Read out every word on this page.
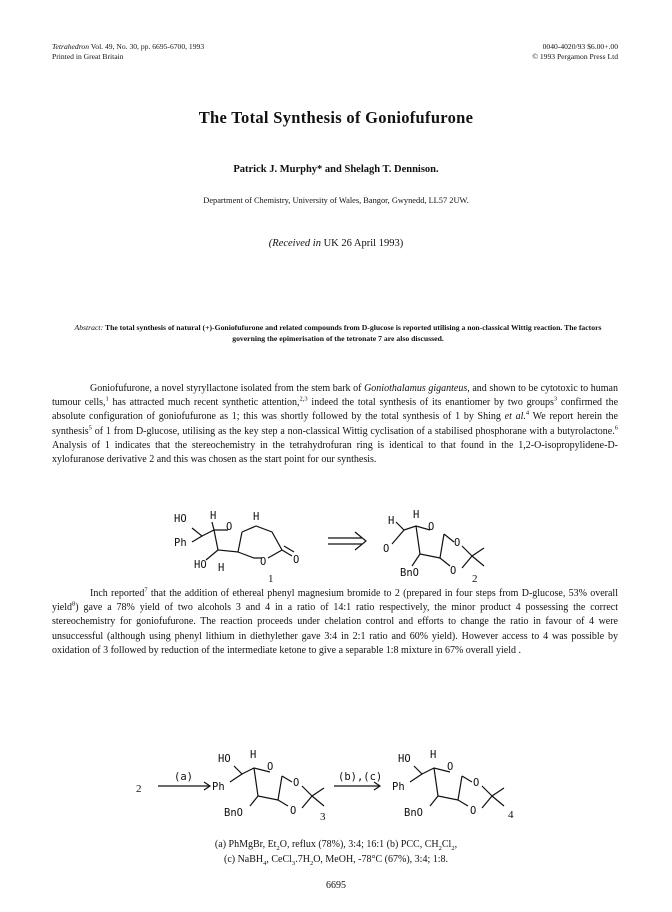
Tetrahedron Vol. 49, No. 30, pp. 6695-6700, 1993
Printed in Great Britain
0040-4020/93 $6.00+.00
© 1993 Pergamon Press Ltd
The Total Synthesis of Goniofufurone
Patrick J. Murphy* and Shelagh T. Dennison.
Department of Chemistry, University of Wales, Bangor, Gwynedd, LL57 2UW.
(Received in UK 26 April 1993)
Abstract: The total synthesis of natural (+)-Goniofufurone and related compounds from D-glucose is reported utilising a non-classical Wittig reaction. The factors governing the epimerisation of the tetronate 7 are also discussed.
Goniofufurone, a novel styryllactone isolated from the stem bark of Goniothalamus giganteus, and shown to be cytotoxic to human tumour cells,$^1$ has attracted much recent synthetic attention,$^{2,3}$ indeed the total synthesis of its enantiomer by two groups$^3$ confirmed the absolute configuration of goniofufurone as 1; this was shortly followed by the total synthesis of 1 by Shing et al.$^4$ We report herein the synthesis$^5$ of 1 from D-glucose, utilising as the key step a non-classical Wittig cyclisation of a stabilised phosphorane with a butyrolactone.$^6$ Analysis of 1 indicates that the stereochemistry in the tetrahydrofuran ring is identical to that found in the 1,2-O-isopropylidene-D-xylofuranose derivative 2 and this was chosen as the start point for our synthesis.
HO H
O
H
Ph
HO H	O	O
1
H H
O
O
O
O
BnO	2
Inch reported$^7$ that the addition of ethereal phenyl magnesium bromide to 2 (prepared in four steps from D-glucose, 53% overall yield$^8$) gave a 78% yield of two alcohols 3 and 4 in a ratio of 14:1 ratio respectively, the minor product 4 possessing the correct stereochemistry for goniofufurone. The reaction proceeds under chelation control and efforts to change the ratio in favour of 4 were unsuccessful (although using phenyl lithium in diethylether gave 3:4 in 2:1 ratio and 60% yield). However access to 4 was possible by oxidation of 3 followed by reduction of the intermediate ketone to give a separable 1:8 mixture in 67% overall yield .
2
(a)
HO H
O
O
O
Ph
BnO	3
(b),(c)
HO H
O
O
O
Ph
BnO	4
(a) PhMgBr, $Et_2O$, reflux (78%), 3:4; 16:1 (b) PCC, $CH_2Cl_2$,
(c) NaBH$_4$, $CeCl_3.7H_2O$, MeOH, -78°C (67%), 3:4; 1:8.
6695
